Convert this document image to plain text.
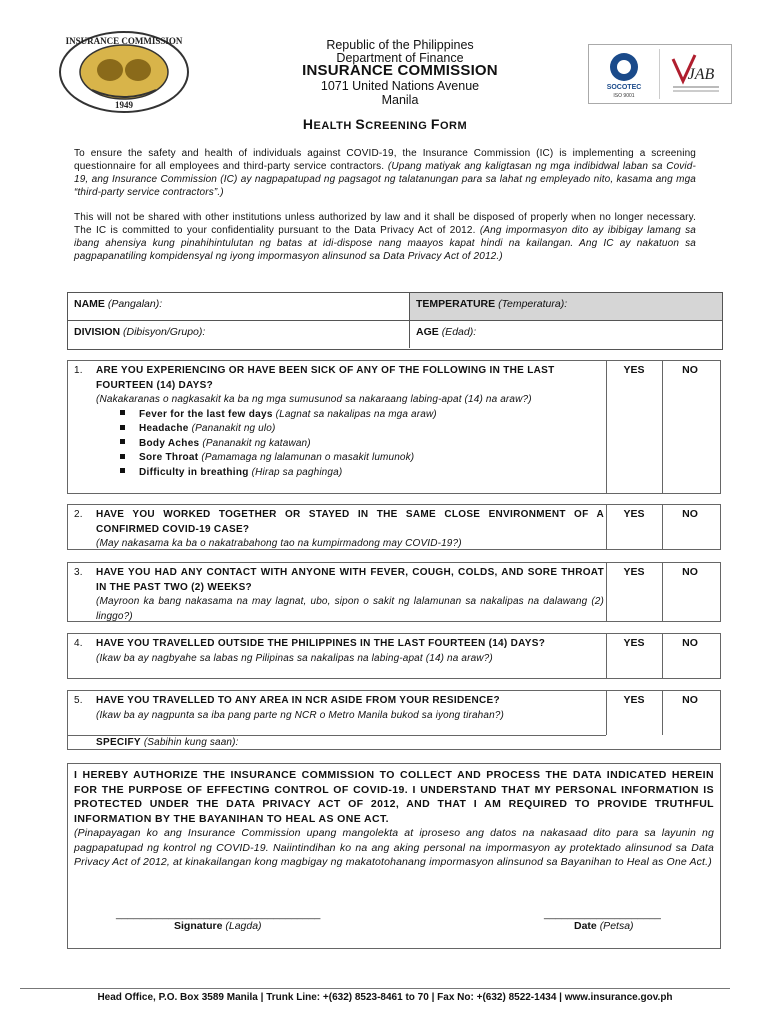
INSURANCE COMMISSION
1949
Republic of the Philippines
Department of Finance
INSURANCE COMMISSION
1071 United Nations Avenue
Manila
SOCOTEC
ISO 9001
JAB
HEALTH SCREENING FORM
To ensure the safety and health of individuals against COVID-19, the Insurance Commission (IC) is implementing a screening questionnaire for all employees and third-party service contractors. (Upang matiyak ang kaligtasan ng mga indibidwal laban sa Covid-19, ang Insurance Commission (IC) ay nagpapatupad ng pagsagot ng talatanungan para sa lahat ng empleyado nito, kasama ang mga “third-party service contractors”.)
This will not be shared with other institutions unless authorized by law and it shall be disposed of properly when no longer necessary. The IC is committed to your confidentiality pursuant to the Data Privacy Act of 2012. (Ang impormasyon dito ay ibibigay lamang sa ibang ahensiya kung pinahihintulutan ng batas at idi-dispose nang maayos kapat hindi na kailangan. Ang IC ay nakatuon sa pagpapanatiling kompidensyal ng iyong impormasyon alinsunod sa Data Privacy Act of 2012.)
NAME (Pangalan):	TEMPERATURE (Temperatura):
DIVISION (Dibisyon/Grupo):	AGE (Edad):
1.	ARE YOU EXPERIENCING OR HAVE BEEN SICK OF ANY OF THE FOLLOWING IN THE LAST FOURTEEN (14) DAYS?
(Nakakaranas o nagkasakit ka ba ng mga sumusunod sa nakaraang labing-apat (14) na araw?)
Fever for the last few days (Lagnat sa nakalipas na mga araw)
Headache (Pananakit ng ulo)
Body Aches (Pananakit ng katawan)
Sore Throat (Pamamaga ng lalamunan o masakit lumunok)
Difficulty in breathing (Hirap sa paghinga)
YES	NO
2.	HAVE YOU WORKED TOGETHER OR STAYED IN THE SAME CLOSE ENVIRONMENT OF A CONFIRMED COVID-19 CASE?
(May nakasama ka ba o nakatrabahong tao na kumpirmadong may COVID-19?)
YES	NO
3.	HAVE YOU HAD ANY CONTACT WITH ANYONE WITH FEVER, COUGH, COLDS, AND SORE THROAT IN THE PAST TWO (2) WEEKS?
(Mayroon ka bang nakasama na may lagnat, ubo, sipon o sakit ng lalamunan sa nakalipas na dalawang (2) linggo?)
YES	NO
4.	HAVE YOU TRAVELLED OUTSIDE THE PHILIPPINES IN THE LAST FOURTEEN (14) DAYS?
(Ikaw ba ay nagbyahe sa labas ng Pilipinas sa nakalipas na labing-apat (14) na araw?)
YES	NO
5.	HAVE YOU TRAVELLED TO ANY AREA IN NCR ASIDE FROM YOUR RESIDENCE?
(Ikaw ba ay nagpunta sa iba pang parte ng NCR o Metro Manila bukod sa iyong tirahan?)
SPECIFY (Sabihin kung saan):
YES	NO
I HEREBY AUTHORIZE THE INSURANCE COMMISSION TO COLLECT AND PROCESS THE DATA INDICATED HEREIN FOR THE PURPOSE OF EFFECTING CONTROL OF COVID-19. I UNDERSTAND THAT MY PERSONAL INFORMATION IS PROTECTED UNDER THE DATA PRIVACY ACT OF 2012, AND THAT I AM REQUIRED TO PROVIDE TRUTHFUL INFORMATION BY THE BAYANIHAN TO HEAL AS ONE ACT.
(Pinapayagan ko ang Insurance Commission upang mangolekta at iproseso ang datos na nakasaad dito para sa layunin ng pagpapatupad ng kontrol ng COVID-19. Naiintindihan ko na ang aking personal na impormasyon ay protektado alinsunod sa Data Privacy Act of 2012, at kinakailangan kong magbigay ng makatotohanang impormasyon alinsunod sa Bayanihan to Heal as One Act.)
___________________________________
Signature (Lagda)
____________________
Date (Petsa)
Head Office, P.O. Box 3589 Manila | Trunk Line: +(632) 8523-8461 to 70 | Fax No: +(632) 8522-1434 | www.insurance.gov.ph
